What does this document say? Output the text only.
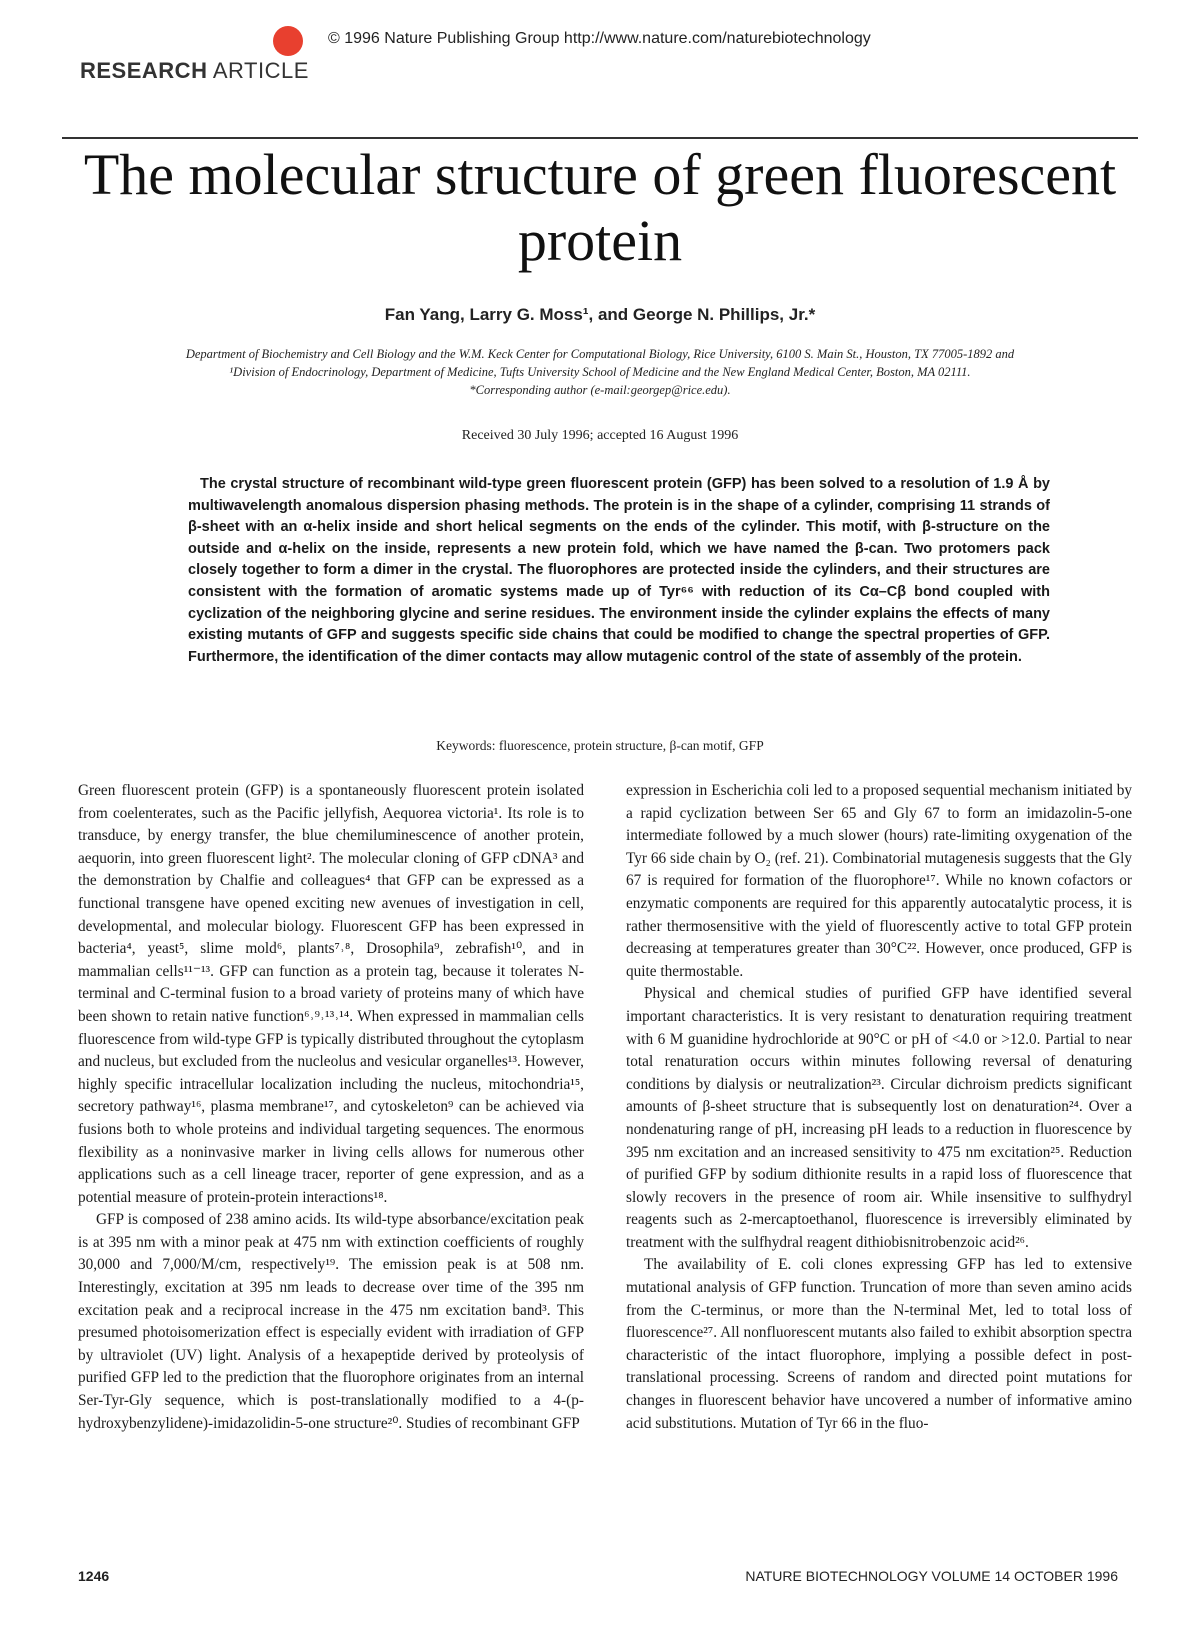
© 1996 Nature Publishing Group http://www.nature.com/naturebiotechnology
RESEARCH ARTICLE
The molecular structure of green fluorescent protein
Fan Yang, Larry G. Moss¹, and George N. Phillips, Jr.*
Department of Biochemistry and Cell Biology and the W.M. Keck Center for Computational Biology, Rice University, 6100 S. Main St., Houston, TX 77005-1892 and
¹Division of Endocrinology, Department of Medicine, Tufts University School of Medicine and the New England Medical Center, Boston, MA 02111.
*Corresponding author (e-mail:georgep@rice.edu).
Received 30 July 1996; accepted 16 August 1996
The crystal structure of recombinant wild-type green fluorescent protein (GFP) has been solved to a resolution of 1.9 Å by multiwavelength anomalous dispersion phasing methods. The protein is in the shape of a cylinder, comprising 11 strands of β-sheet with an α-helix inside and short helical segments on the ends of the cylinder. This motif, with β-structure on the outside and α-helix on the inside, represents a new protein fold, which we have named the β-can. Two protomers pack closely together to form a dimer in the crystal. The fluorophores are protected inside the cylinders, and their structures are consistent with the formation of aromatic systems made up of Tyr⁶⁶ with reduction of its Cα–Cβ bond coupled with cyclization of the neighboring glycine and serine residues. The environment inside the cylinder explains the effects of many existing mutants of GFP and suggests specific side chains that could be modified to change the spectral properties of GFP. Furthermore, the identification of the dimer contacts may allow mutagenic control of the state of assembly of the protein.
Keywords: fluorescence, protein structure, β-can motif, GFP

Green fluorescent protein (GFP) is a spontaneously fluorescent protein isolated from coelenterates, such as the Pacific jellyfish, Aequorea victoria¹. Its role is to transduce, by energy transfer, the blue chemiluminescence of another protein, aequorin, into green fluorescent light². The molecular cloning of GFP cDNA³ and the demonstration by Chalfie and colleagues⁴ that GFP can be expressed as a functional transgene have opened exciting new avenues of investigation in cell, developmental, and molecular biology. Fluorescent GFP has been expressed in bacteria⁴, yeast⁵, slime mold⁶, plants⁷˒⁸, Drosophila⁹, zebrafish¹⁰, and in mammalian cells¹¹⁻¹³. GFP can function as a protein tag, because it tolerates N-terminal and C-terminal fusion to a broad variety of proteins many of which have been shown to retain native function⁶˒⁹˒¹³˒¹⁴. When expressed in mammalian cells fluorescence from wild-type GFP is typically distributed throughout the cytoplasm and nucleus, but excluded from the nucleolus and vesicular organelles¹³. However, highly specific intracellular localization including the nucleus, mitochondria¹⁵, secretory pathway¹⁶, plasma membrane¹⁷, and cytoskeleton⁹ can be achieved via fusions both to whole proteins and individual targeting sequences. The enormous flexibility as a noninvasive marker in living cells allows for numerous other applications such as a cell lineage tracer, reporter of gene expression, and as a potential measure of protein-protein interactions¹⁸.

GFP is composed of 238 amino acids. Its wild-type absorbance/excitation peak is at 395 nm with a minor peak at 475 nm with extinction coefficients of roughly 30,000 and 7,000/M/cm, respectively¹⁹. The emission peak is at 508 nm. Interestingly, excitation at 395 nm leads to decrease over time of the 395 nm excitation peak and a reciprocal increase in the 475 nm excitation band³. This presumed photoisomerization effect is especially evident with irradiation of GFP by ultraviolet (UV) light. Analysis of a hexapeptide derived by proteolysis of purified GFP led to the prediction that the fluorophore originates from an internal Ser-Tyr-Gly sequence, which is post-translationally modified to a 4-(p-hydroxybenzylidene)-imidazolidin-5-one structure²⁰. Studies of recombinant GFP

expression in Escherichia coli led to a proposed sequential mechanism initiated by a rapid cyclization between Ser 65 and Gly 67 to form an imidazolin-5-one intermediate followed by a much slower (hours) rate-limiting oxygenation of the Tyr 66 side chain by O₂ (ref. 21). Combinatorial mutagenesis suggests that the Gly 67 is required for formation of the fluorophore¹⁷. While no known cofactors or enzymatic components are required for this apparently autocatalytic process, it is rather thermosensitive with the yield of fluorescently active to total GFP protein decreasing at temperatures greater than 30°C²². However, once produced, GFP is quite thermostable.

Physical and chemical studies of purified GFP have identified several important characteristics. It is very resistant to denaturation requiring treatment with 6 M guanidine hydrochloride at 90°C or pH of <4.0 or >12.0. Partial to near total renaturation occurs within minutes following reversal of denaturing conditions by dialysis or neutralization²³. Circular dichroism predicts significant amounts of β-sheet structure that is subsequently lost on denaturation²⁴. Over a nondenaturing range of pH, increasing pH leads to a reduction in fluorescence by 395 nm excitation and an increased sensitivity to 475 nm excitation²⁵. Reduction of purified GFP by sodium dithionite results in a rapid loss of fluorescence that slowly recovers in the presence of room air. While insensitive to sulfhydryl reagents such as 2-mercaptoethanol, fluorescence is irreversibly eliminated by treatment with the sulfhydral reagent dithiobisnitrobenzoic acid²⁶.

The availability of E. coli clones expressing GFP has led to extensive mutational analysis of GFP function. Truncation of more than seven amino acids from the C-terminus, or more than the N-terminal Met, led to total loss of fluorescence²⁷. All nonfluorescent mutants also failed to exhibit absorption spectra characteristic of the intact fluorophore, implying a possible defect in post-translational processing. Screens of random and directed point mutations for changes in fluorescent behavior have uncovered a number of informative amino acid substitutions. Mutation of Tyr 66 in the fluo-

1246	NATURE BIOTECHNOLOGY VOLUME 14 OCTOBER 1996
